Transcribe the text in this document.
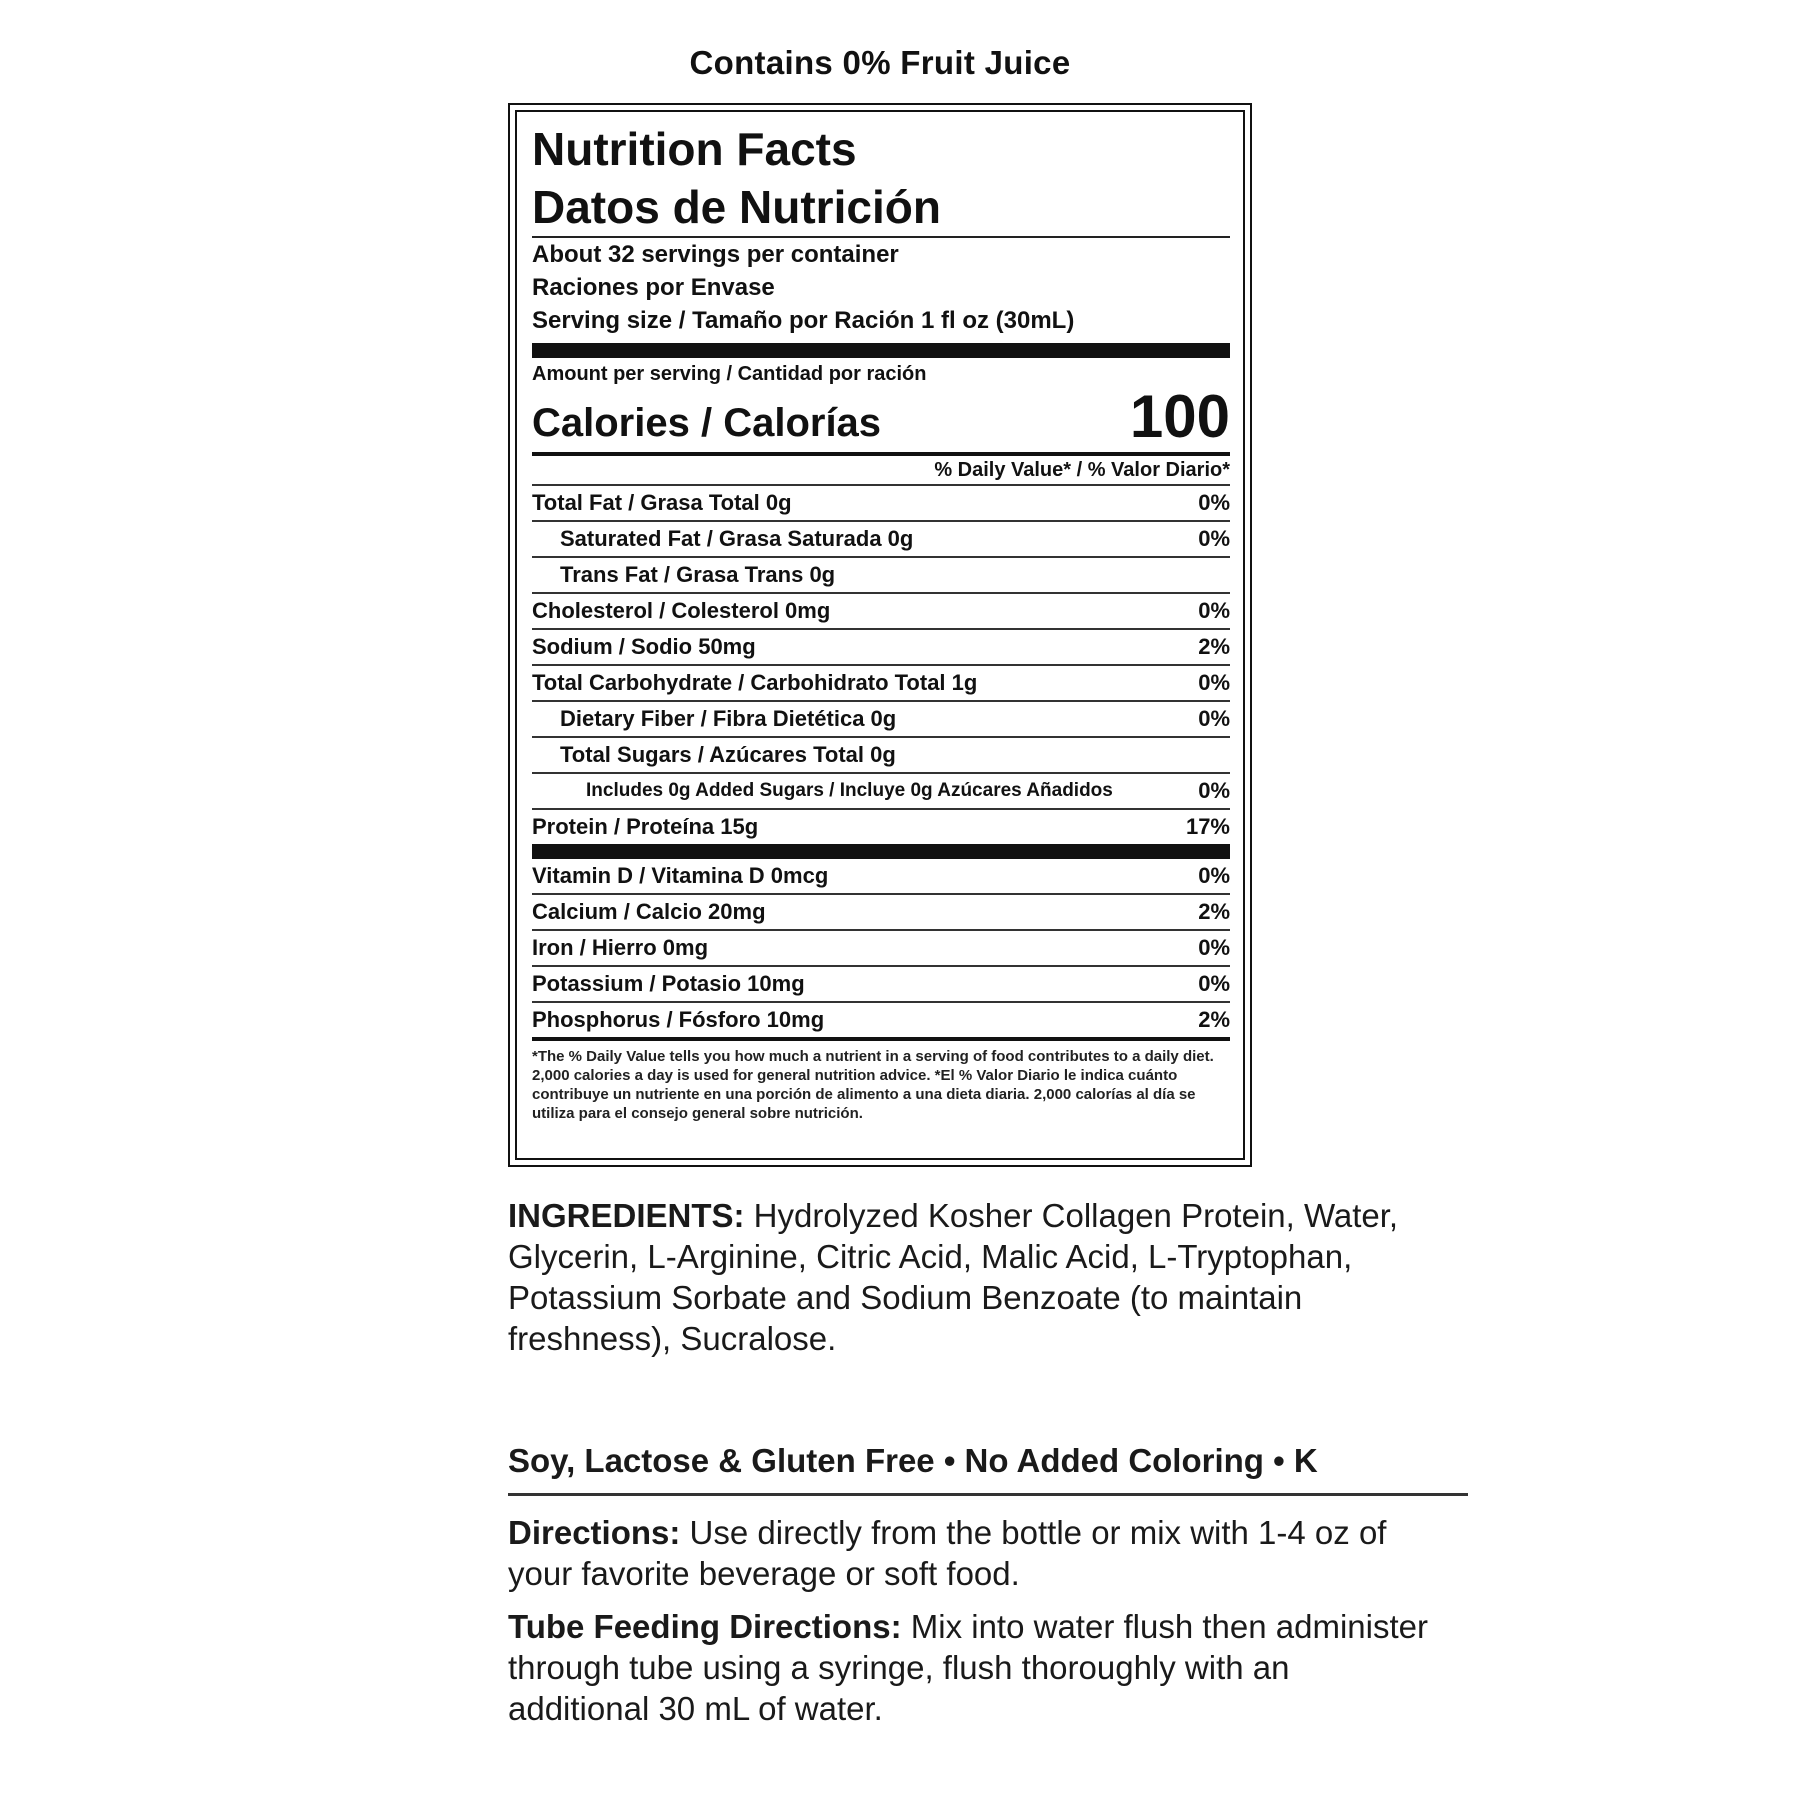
Contains 0% Fruit Juice
Nutrition Facts
Datos de Nutrición
About 32 servings per container
Raciones por Envase
Serving size / Tamaño por Ración 1 fl oz (30mL)
Amount per serving / Cantidad por ración
Calories / Calorías	100
% Daily Value* / % Valor Diario*
Total Fat / Grasa Total 0g	0%
Saturated Fat / Grasa Saturada 0g	0%
Trans Fat / Grasa Trans 0g
Cholesterol / Colesterol 0mg	0%
Sodium / Sodio 50mg	2%
Total Carbohydrate / Carbohidrato Total 1g	0%
Dietary Fiber / Fibra Dietética 0g	0%
Total Sugars / Azúcares Total 0g
Includes 0g Added Sugars / Incluye 0g Azúcares Añadidos	0%
Protein / Proteína 15g	17%
Vitamin D / Vitamina D 0mcg	0%
Calcium / Calcio 20mg	2%
Iron / Hierro 0mg	0%
Potassium / Potasio 10mg	0%
Phosphorus / Fósforo 10mg	2%
*The % Daily Value tells you how much a nutrient in a serving of food contributes to a daily diet. 2,000 calories a day is used for general nutrition advice. *El % Valor Diario le indica cuánto contribuye un nutriente en una porción de alimento a una dieta diaria. 2,000 calorías al día se utiliza para el consejo general sobre nutrición.
INGREDIENTS: Hydrolyzed Kosher Collagen Protein, Water, Glycerin, L-Arginine, Citric Acid, Malic Acid, L-Tryptophan, Potassium Sorbate and Sodium Benzoate (to maintain freshness), Sucralose.
Soy, Lactose & Gluten Free • No Added Coloring • K
Directions: Use directly from the bottle or mix with 1-4 oz of your favorite beverage or soft food.
Tube Feeding Directions: Mix into water flush then administer through tube using a syringe, flush thoroughly with an additional 30 mL of water.
